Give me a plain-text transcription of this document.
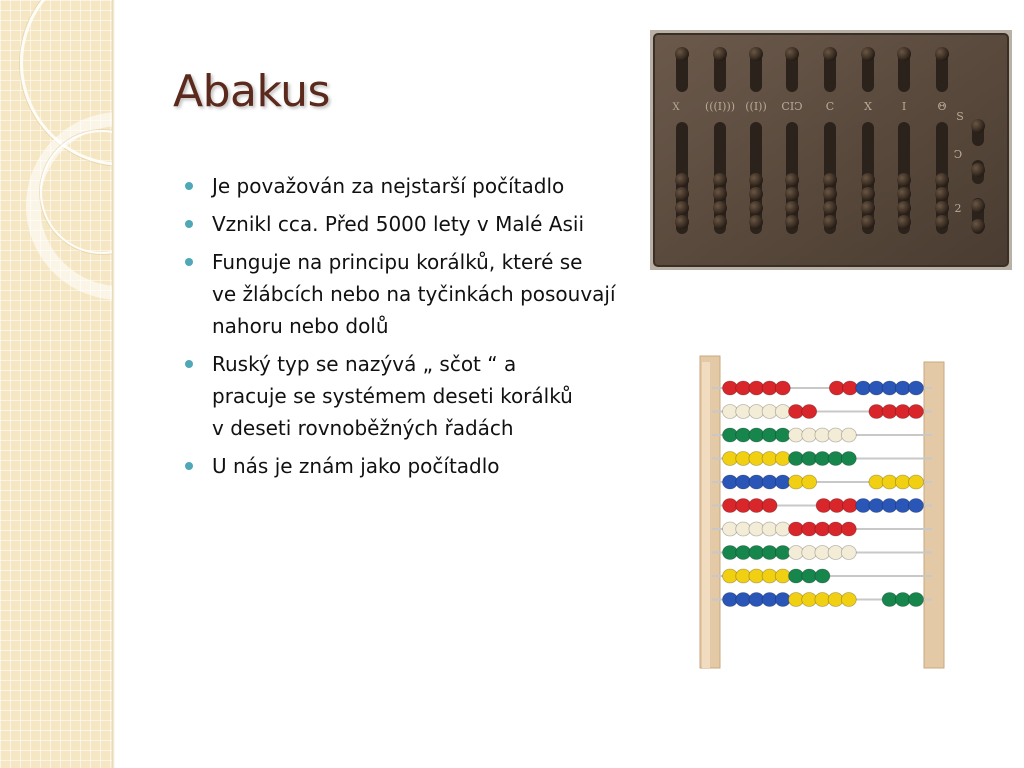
Abakus
Je považován za nejstarší počítadlo
Vznikl cca. Před 5000 lety v Malé Asii
Funguje na principu korálků, které se
ve žlábcích nebo na tyčinkách posouvají
nahoru nebo dolů
Ruský typ se nazývá „ sčot “ a
pracuje se systémem deseti korálků
v deseti rovnoběžných řadách
U nás je znám jako počítadlo
X (((I))) ((I)) CIↃ C	X	I	Θ
S
Ↄ
2
